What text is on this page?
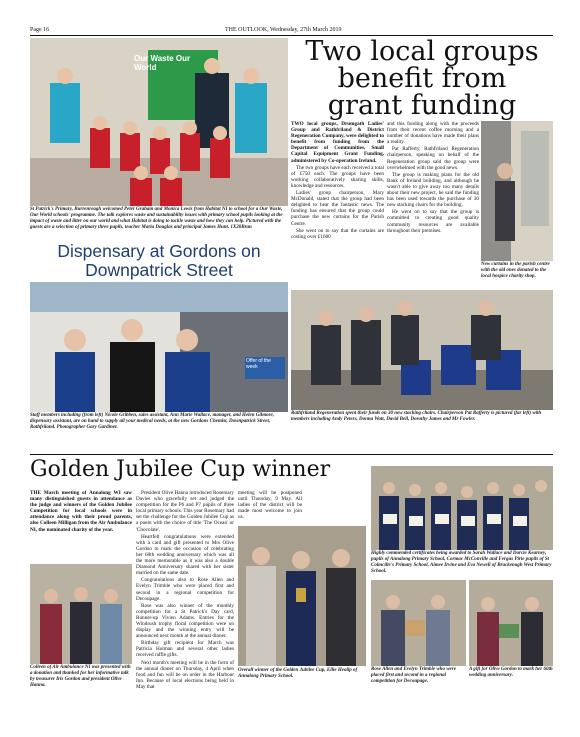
Page 16	THE OUTLOOK, Wednesday, 27th March 2019
Our Waste Our World
St Patrick's Primary, Burrenreagh welcomed Peter Graham and Monica Lewis from Habitat NI to school for a Our Waste, Our World schools' programme. The talk explores waste and sustainability issues with primary school pupils looking at the impact of waste and litter on our world and what Habitat is doing to tackle waste and how they can help. Pictured with the guests are a selection of primary three pupils, teacher Maria Douglas and principal James Hunt. 1X20Bran
Two local groups
benefit from
grant funding

TWO local groups, Drumgath Ladies' Group and Rathfriland & District Regeneration Company, were delighted to benefit from funding from the Department of Communities, Small Capital Equipment Grant Funding, administered by Co-operation Ireland.

The two groups have each received a total of £750 each. The groups have been working collaboratively sharing skills, knowledge and resources.

Ladies' group chairperson, Mary McDonald, stated that the group had been delighted to hear the fantastic news. The funding has ensured that the group could purchase the new curtains for the Parish Centre.

She went on to say that the curtains are costing over £1600

and this funding along with the proceeds from their recent coffee morning and a number of donations have made their plans a reality.

Pat Rafferty, Rathfriland Regeneration chairperson, speaking on behalf of the Regeneration group said the group were overwhelmed with the good news.

The group is making plans for the old Bank of Ireland building, and although he wasn't able to give away too many details about their new project, he said the funding has been used towards the purchase of 30 new stacking chairs for the building.

He went on to say that the group is committed to creating good quality community resources are available throughout their premises.

New curtains in the parish centre with the old ones donated to the local hospice charity shop.
Dispensary at Gordons on Downpatrick Street
Offer of the week
Staff members including (from left) Nicole Gribben, sales assistant, Ann Marie Wallace, manager, and Helen Gilmore, dispensary assistant, are on hand to supply all your medical needs, at the new Gordons Chemist, Downpatrick Street, Rathfriland. Photographer Gary Gardiner.
Rathfriland Regeneration spent their funds on 30 new stacking chairs. Chairperson Pat Rafferty is pictured (far left) with members including Andy Peters, Donna Watt, David Bell, Dorothy James and Mr Fowler.
Golden Jubilee Cup winner

THE March meeting of Annalong WI saw many distinguished guests in attendance as the judge and winners of the Golden Jubilee Competition for local schools were in attendance along with their proud parents, also Colleen Milligan from the Air Ambulance NI, the nominated charity of the year.

President Olive Hanna introduced Rosemary Davies who gracefully set and judged the competition for the P6 and P7 pupils of three local primary schools. This year Rosemary had set the challenge for the Golden Jubilee Cup as a poem with the choice of title 'The Ocean' or 'Chocolate'.

Heartfelt congratulations were extended with a card and gift presented to Mrs Olive Gordon to mark the occasion of celebrating her 60th wedding anniversary which was all the more memorable as it was also a double Diamond Anniversary shared with her sister married on the same date.

Congratulations also to Rose Allen and Evelyn Trimble who were placed first and second in a regional competition for Decoupage.

Rose was also winner of the monthly competition for a St Patrick's Day card, Runner-up Vivien Adams. Entries for the Windrush trophy floral competition were on display and the winning entry will be announced next month at the annual dinner.

Birthday gift recipient for March was Patricia Holman and several other ladies received raffle gifts.

Next month's meeting will be in the form of the annual dinner on Thursday, 4 April when food and fun will be on order in the Harbour Inn. Because of local elections being held in May that

meeting will be postponed until Thursday, 9 May. All ladies of the district will be made most welcome to join us.

Colleen of Air Ambulance NI was presented with a donation and thanked for her informative talk by treasurer Iris Gordon and president Olive Hanna.
Overall winner of the Golden Jubilee Cup, Ellie Healip of Annalong Primary School.
Highly commended certificates being awarded to Sarah Wallace and Darcie Kearney, pupils of Annalong Primary School, Cormac McConville and Fergus Pirie pupils of St Colmcille's Primary School, Aimee Irvine and Eva Newell of Brackenagh West Primary School.
Rose Allen and Evelyn Trimble who were placed first and second in a regional competition for Decoupage.
A gift for Olive Gordon to mark her 60th wedding anniversary.
